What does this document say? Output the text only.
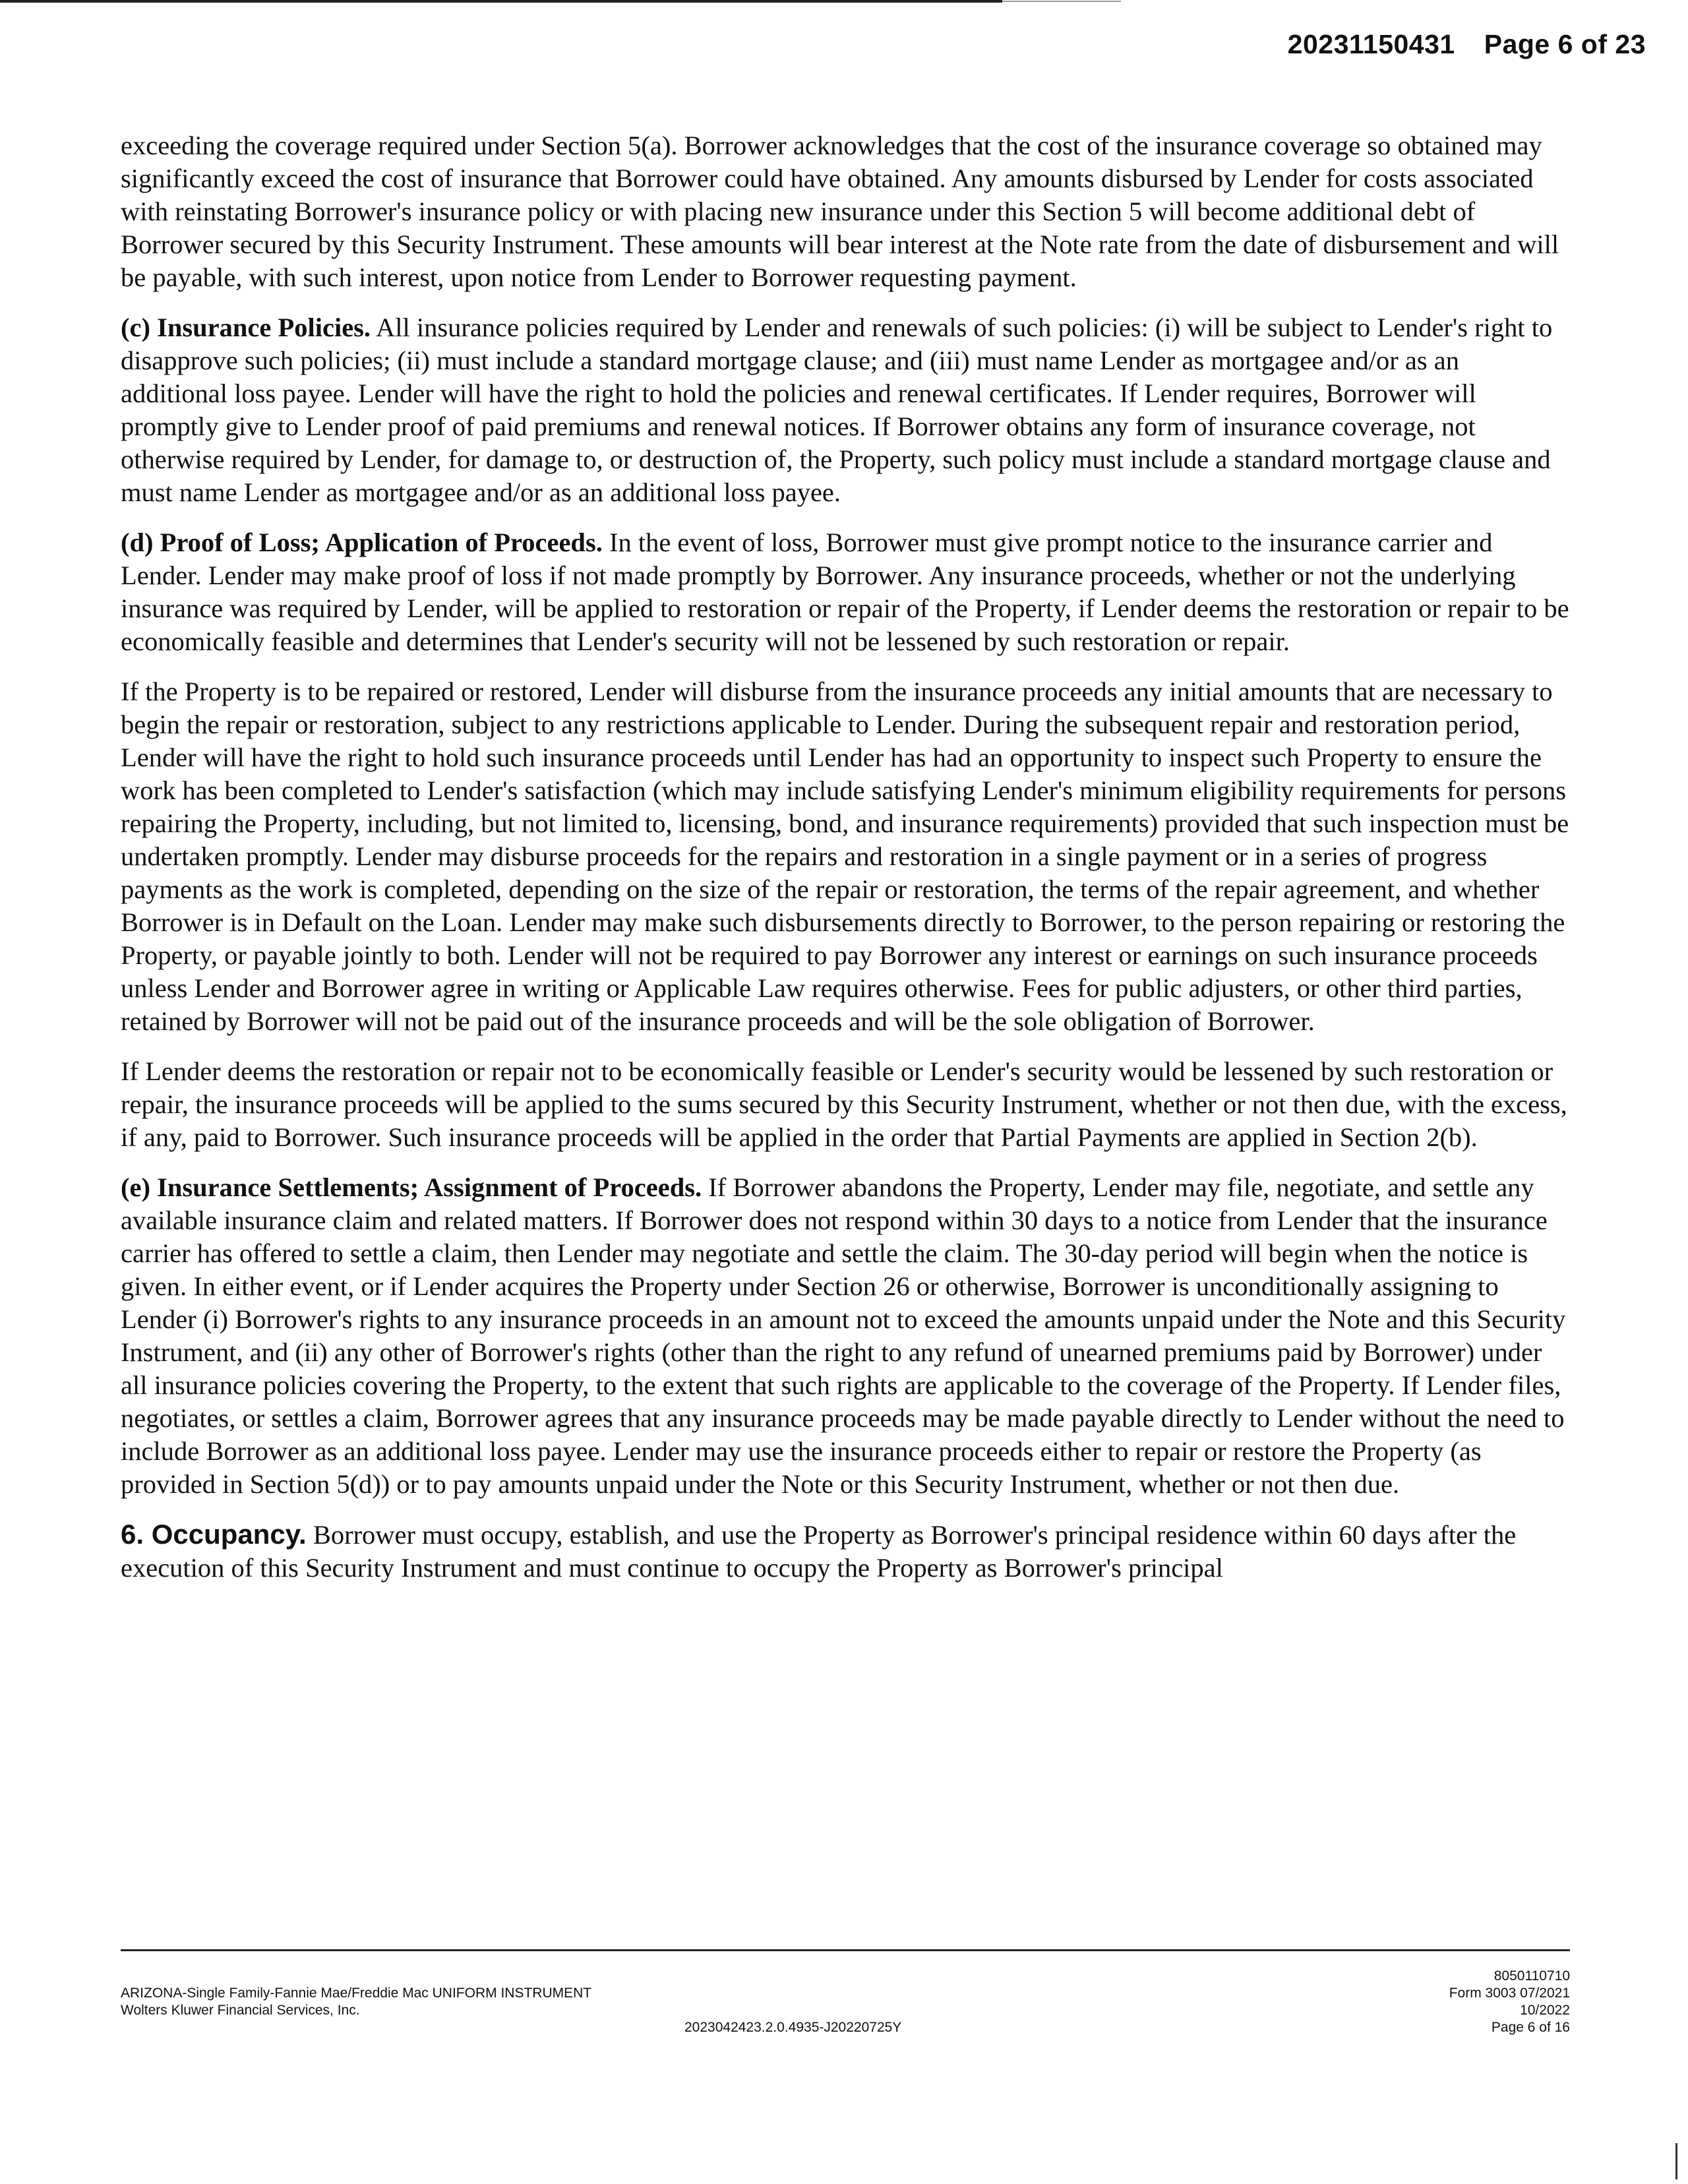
20231150431 Page 6 of 23

exceeding the coverage required under Section 5(a). Borrower acknowledges that the cost of the insurance coverage so obtained may significantly exceed the cost of insurance that Borrower could have obtained. Any amounts disbursed by Lender for costs associated with reinstating Borrower's insurance policy or with placing new insurance under this Section 5 will become additional debt of Borrower secured by this Security Instrument. These amounts will bear interest at the Note rate from the date of disbursement and will be payable, with such interest, upon notice from Lender to Borrower requesting payment.

(c) Insurance Policies. All insurance policies required by Lender and renewals of such policies: (i) will be subject to Lender's right to disapprove such policies; (ii) must include a standard mortgage clause; and (iii) must name Lender as mortgagee and/or as an additional loss payee. Lender will have the right to hold the policies and renewal certificates. If Lender requires, Borrower will promptly give to Lender proof of paid premiums and renewal notices. If Borrower obtains any form of insurance coverage, not otherwise required by Lender, for damage to, or destruction of, the Property, such policy must include a standard mortgage clause and must name Lender as mortgagee and/or as an additional loss payee.

(d) Proof of Loss; Application of Proceeds. In the event of loss, Borrower must give prompt notice to the insurance carrier and Lender. Lender may make proof of loss if not made promptly by Borrower. Any insurance proceeds, whether or not the underlying insurance was required by Lender, will be applied to restoration or repair of the Property, if Lender deems the restoration or repair to be economically feasible and determines that Lender's security will not be lessened by such restoration or repair.

If the Property is to be repaired or restored, Lender will disburse from the insurance proceeds any initial amounts that are necessary to begin the repair or restoration, subject to any restrictions applicable to Lender. During the subsequent repair and restoration period, Lender will have the right to hold such insurance proceeds until Lender has had an opportunity to inspect such Property to ensure the work has been completed to Lender's satisfaction (which may include satisfying Lender's minimum eligibility requirements for persons repairing the Property, including, but not limited to, licensing, bond, and insurance requirements) provided that such inspection must be undertaken promptly. Lender may disburse proceeds for the repairs and restoration in a single payment or in a series of progress payments as the work is completed, depending on the size of the repair or restoration, the terms of the repair agreement, and whether Borrower is in Default on the Loan. Lender may make such disbursements directly to Borrower, to the person repairing or restoring the Property, or payable jointly to both. Lender will not be required to pay Borrower any interest or earnings on such insurance proceeds unless Lender and Borrower agree in writing or Applicable Law requires otherwise. Fees for public adjusters, or other third parties, retained by Borrower will not be paid out of the insurance proceeds and will be the sole obligation of Borrower.

If Lender deems the restoration or repair not to be economically feasible or Lender's security would be lessened by such restoration or repair, the insurance proceeds will be applied to the sums secured by this Security Instrument, whether or not then due, with the excess, if any, paid to Borrower. Such insurance proceeds will be applied in the order that Partial Payments are applied in Section 2(b).

(e) Insurance Settlements; Assignment of Proceeds. If Borrower abandons the Property, Lender may file, negotiate, and settle any available insurance claim and related matters. If Borrower does not respond within 30 days to a notice from Lender that the insurance carrier has offered to settle a claim, then Lender may negotiate and settle the claim. The 30-day period will begin when the notice is given. In either event, or if Lender acquires the Property under Section 26 or otherwise, Borrower is unconditionally assigning to Lender (i) Borrower's rights to any insurance proceeds in an amount not to exceed the amounts unpaid under the Note and this Security Instrument, and (ii) any other of Borrower's rights (other than the right to any refund of unearned premiums paid by Borrower) under all insurance policies covering the Property, to the extent that such rights are applicable to the coverage of the Property. If Lender files, negotiates, or settles a claim, Borrower agrees that any insurance proceeds may be made payable directly to Lender without the need to include Borrower as an additional loss payee. Lender may use the insurance proceeds either to repair or restore the Property (as provided in Section 5(d)) or to pay amounts unpaid under the Note or this Security Instrument, whether or not then due.

6. Occupancy. Borrower must occupy, establish, and use the Property as Borrower's principal residence within 60 days after the execution of this Security Instrument and must continue to occupy the Property as Borrower's principal

ARIZONA-Single Family-Fannie Mae/Freddie Mac UNIFORM INSTRUMENT
Wolters Kluwer Financial Services, Inc.
2023042423.2.0.4935-J20220725Y
8050110710
Form 3003 07/2021
10/2022
Page 6 of 16
